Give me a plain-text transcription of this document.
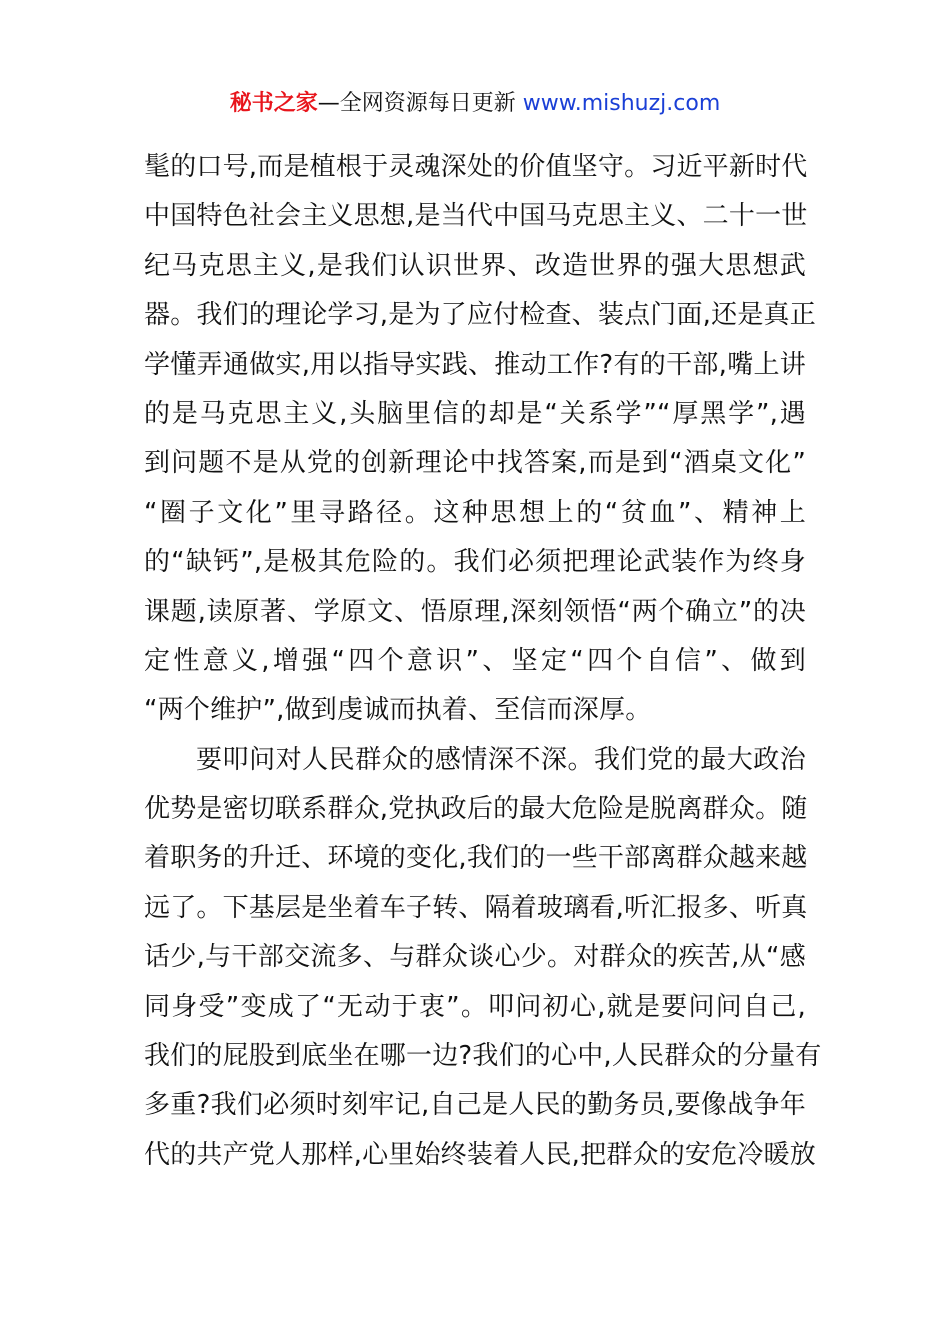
秘书之家—全网资源每日更新 www.mishuzj.com
髦的口号,而是植根于灵魂深处的价值坚守。习近平新时代
中国特色社会主义思想,是当代中国马克思主义、二十一世
纪马克思主义,是我们认识世界、改造世界的强大思想武
器。我们的理论学习,是为了应付检查、装点门面,还是真正
学懂弄通做实,用以指导实践、推动工作?有的干部,嘴上讲
的是马克思主义,头脑里信的却是“关系学”“厚黑学”,遇
到问题不是从党的创新理论中找答案,而是到“酒桌文化”
“圈子文化”里寻路径。这种思想上的“贫血”、精神上
的“缺钙”,是极其危险的。我们必须把理论武装作为终身
课题,读原著、学原文、悟原理,深刻领悟“两个确立”的决
定性意义,增强“四个意识”、坚定“四个自信”、做到
“两个维护”,做到虔诚而执着、至信而深厚。
要叩问对人民群众的感情深不深。我们党的最大政治
优势是密切联系群众,党执政后的最大危险是脱离群众。随
着职务的升迁、环境的变化,我们的一些干部离群众越来越
远了。下基层是坐着车子转、隔着玻璃看,听汇报多、听真
话少,与干部交流多、与群众谈心少。对群众的疾苦,从“感
同身受”变成了“无动于衷”。叩问初心,就是要问问自己,
我们的屁股到底坐在哪一边?我们的心中,人民群众的分量有
多重?我们必须时刻牢记,自己是人民的勤务员,要像战争年
代的共产党人那样,心里始终装着人民,把群众的安危冷暖放
